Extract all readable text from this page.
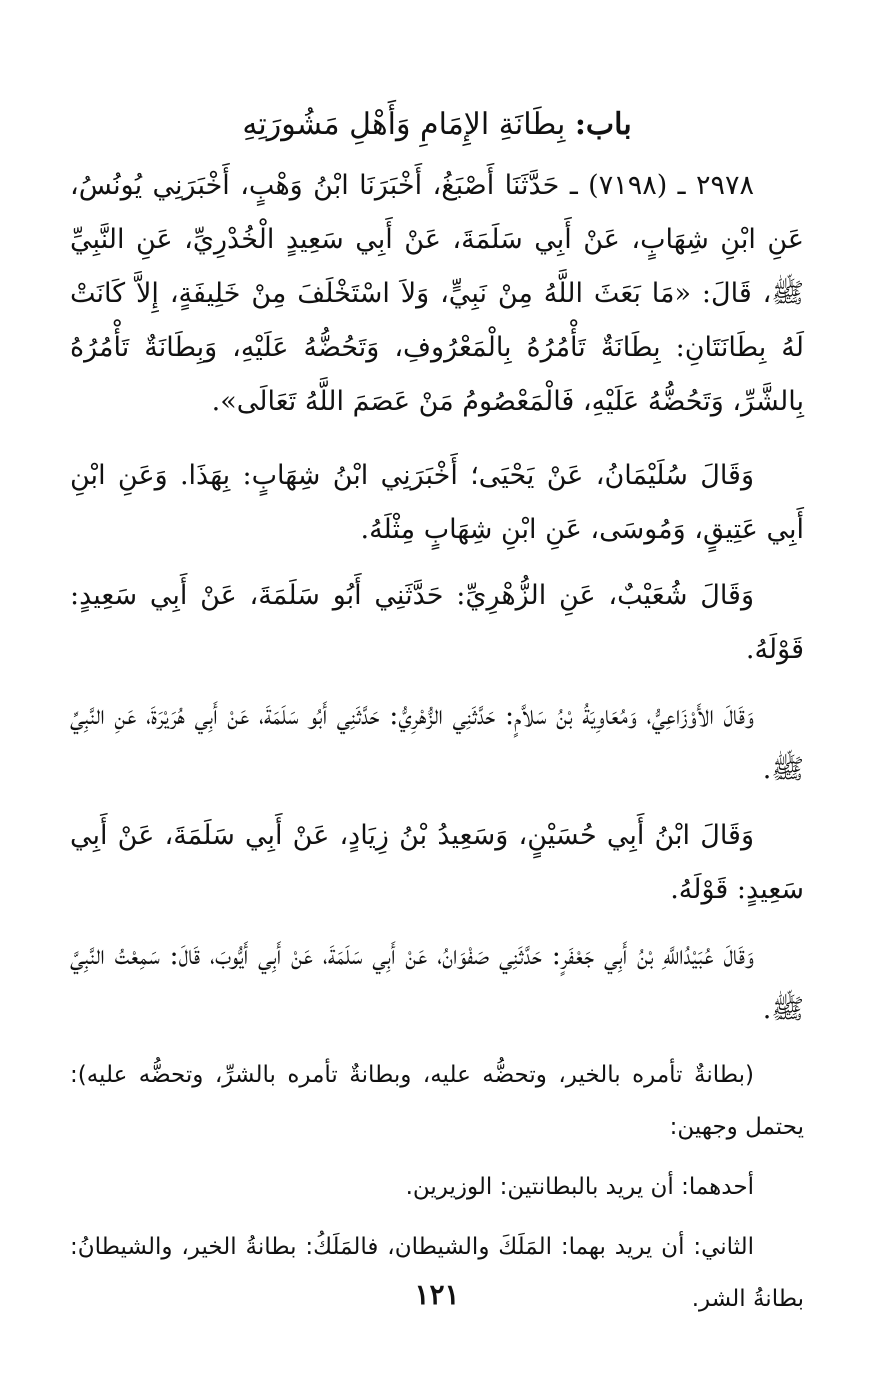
باب: بِطَانَةِ الإِمَامِ وَأَهْلِ مَشُورَتِهِ
٢٩٧٨ ـ (٧١٩٨) ـ حَدَّثَنَا أَصْبَغُ، أَخْبَرَنَا ابْنُ وَهْبٍ، أَخْبَرَنِي يُونُسُ، عَنِ ابْنِ شِهَابٍ، عَنْ أَبِي سَلَمَةَ، عَنْ أَبِي سَعِيدٍ الْخُدْرِيِّ، عَنِ النَّبِيِّ ﷺ، قَالَ: «مَا بَعَثَ اللَّهُ مِنْ نَبِيٍّ، وَلاَ اسْتَخْلَفَ مِنْ خَلِيفَةٍ، إِلاَّ كَانَتْ لَهُ بِطَانَتَانِ: بِطَانَةٌ تَأْمُرُهُ بِالْمَعْرُوفِ، وَتَحُضُّهُ عَلَيْهِ، وَبِطَانَةٌ تَأْمُرُهُ بِالشَّرِّ، وَتَحُضُّهُ عَلَيْهِ، فَالْمَعْصُومُ مَنْ عَصَمَ اللَّهُ تَعَالَى».
وَقَالَ سُلَيْمَانُ، عَنْ يَحْيَى؛ أَخْبَرَنِي ابْنُ شِهَابٍ: بِهَذَا. وَعَنِ ابْنِ أَبِي عَتِيقٍ، وَمُوسَى، عَنِ ابْنِ شِهَابٍ مِثْلَهُ.
وَقَالَ شُعَيْبٌ، عَنِ الزُّهْرِيِّ: حَدَّثَنِي أَبُو سَلَمَةَ، عَنْ أَبِي سَعِيدٍ: قَوْلَهُ.
وَقَالَ الأَوْزَاعِيُّ، وَمُعَاوِيَةُ بْنُ سَلاَّمٍ: حَدَّثَنِي الزُّهْرِيُّ: حَدَّثَنِي أَبُو سَلَمَةَ، عَنْ أَبِي هُرَيْرَةَ، عَنِ النَّبِيِّ ﷺ.
وَقَالَ ابْنُ أَبِي حُسَيْنٍ، وَسَعِيدُ بْنُ زِيَادٍ، عَنْ أَبِي سَلَمَةَ، عَنْ أَبِي سَعِيدٍ: قَوْلَهُ.
وَقَالَ عُبَيْدُاللَّهِ بْنُ أَبِي جَعْفَرٍ: حَدَّثَنِي صَفْوَانُ، عَنْ أَبِي سَلَمَةَ، عَنْ أَبِي أَيُّوبَ، قَالَ: سَمِعْتُ النَّبِيَّ ﷺ.
(بطانةٌ تأمره بالخير، وتحضُّه عليه، وبطانةٌ تأمره بالشرِّ، وتحضُّه عليه): يحتمل وجهين:
أحدهما: أن يريد بالبطانتين: الوزيرين.
الثاني: أن يريد بهما: المَلَكَ والشيطان، فالمَلَكُ: بطانةُ الخير، والشيطانُ: بطانةُ الشر.
١٢١
